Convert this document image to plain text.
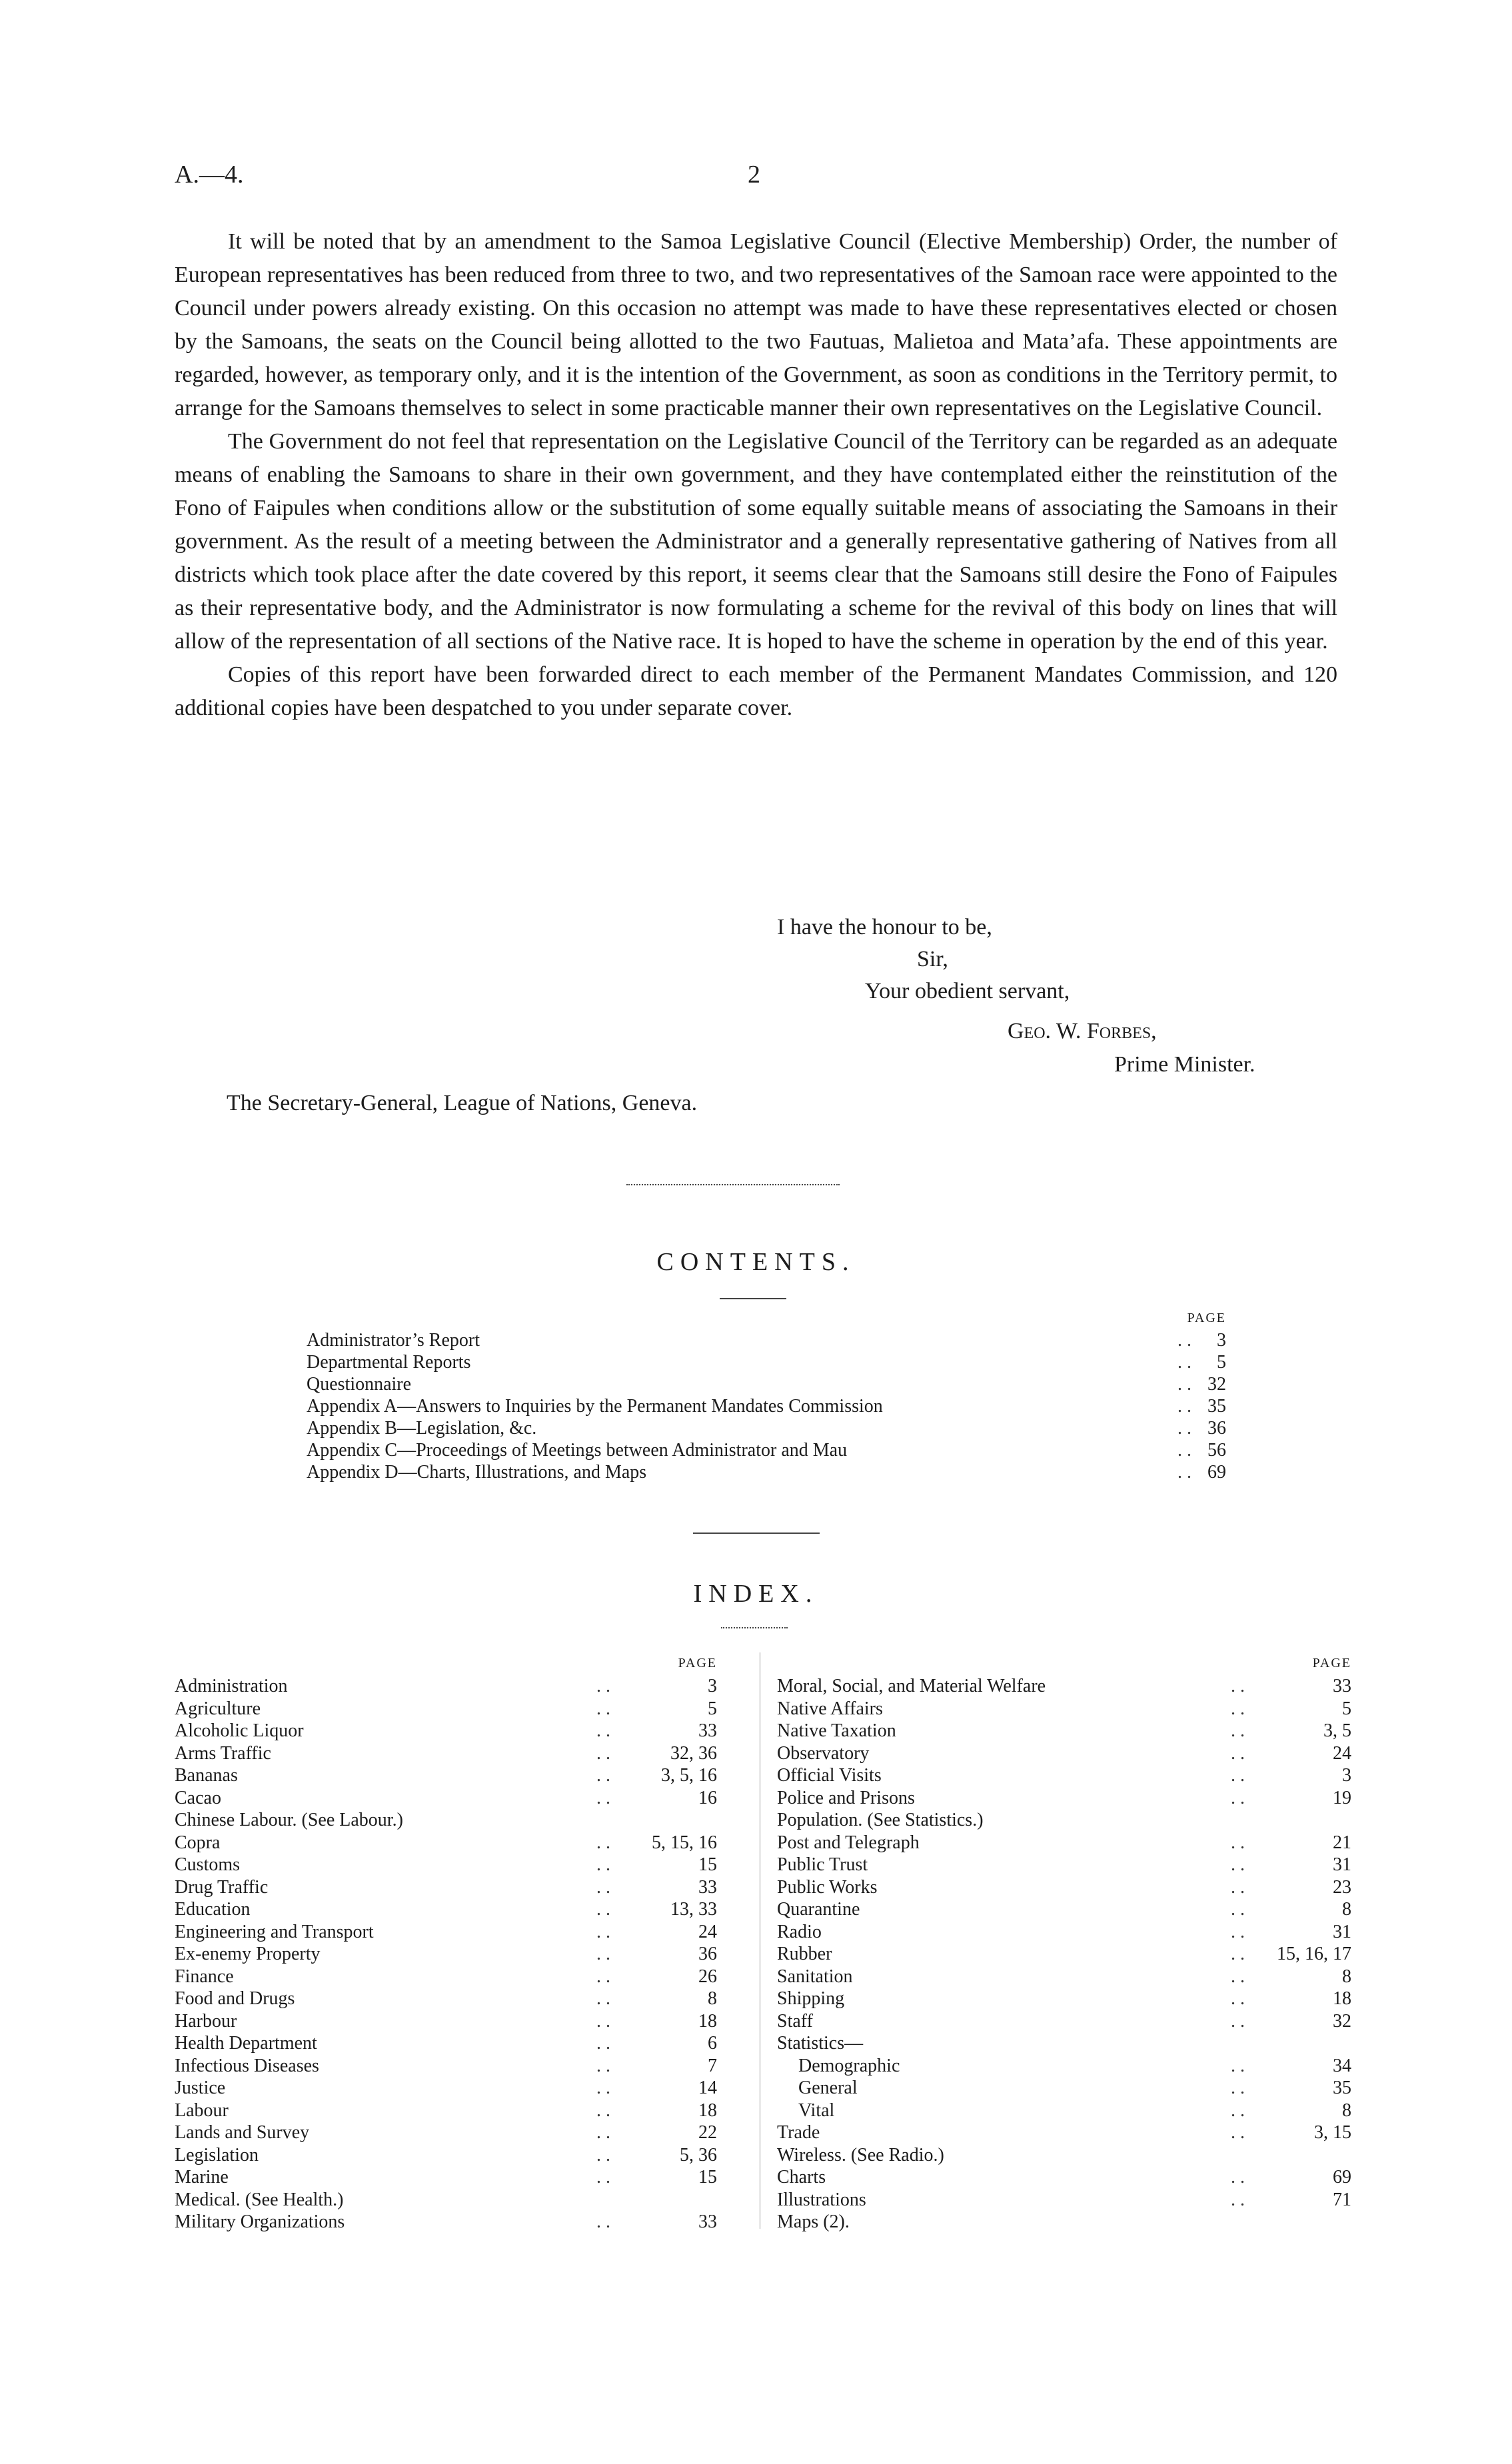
A.—4.	2

It will be noted that by an amendment to the Samoa Legislative Council (Elective Membership) Order, the number of European representatives has been reduced from three to two, and two representatives of the Samoan race were appointed to the Council under powers already existing. On this occasion no attempt was made to have these representatives elected or chosen by the Samoans, the seats on the Council being allotted to the two Fautuas, Malietoa and Mata’afa. These appointments are regarded, however, as temporary only, and it is the intention of the Government, as soon as conditions in the Territory permit, to arrange for the Samoans themselves to select in some practicable manner their own representatives on the Legislative Council.

The Government do not feel that representation on the Legislative Council of the Territory can be regarded as an adequate means of enabling the Samoans to share in their own government, and they have contemplated either the reinstitution of the Fono of Faipules when conditions allow or the substitution of some equally suitable means of associating the Samoans in their government. As the result of a meeting between the Administrator and a generally representative gathering of Natives from all districts which took place after the date covered by this report, it seems clear that the Samoans still desire the Fono of Faipules as their representative body, and the Administrator is now formulating a scheme for the revival of this body on lines that will allow of the representation of all sections of the Native race. It is hoped to have the scheme in operation by the end of this year.

Copies of this report have been forwarded direct to each member of the Permanent Mandates Commission, and 120 additional copies have been despatched to you under separate cover.

I have the honour to be,
Sir,
Your obedient servant,
Geo. W. Forbes,
Prime Minister.
The Secretary-General, League of Nations, Geneva.
CONTENTS.
PAGE
Administrator’s Report	. . 3
Departmental Reports	. . 5
Questionnaire	. . 32
Appendix A—Answers to Inquiries by the Permanent Mandates Commission	. . 35
Appendix B—Legislation, &c.	. . 36
Appendix C—Proceedings of Meetings between Administrator and Mau	. . 56
Appendix D—Charts, Illustrations, and Maps	. . 69
INDEX.
PAGE
Administration	. .	3
Agriculture	. .	5
Alcoholic Liquor	. .	33
Arms Traffic	. .	32, 36
Bananas	. .	3, 5, 16
Cacao	. .	16
Chinese Labour. (See Labour.)
Copra	. .	5, 15, 16
Customs	. .	15
Drug Traffic	. .	33
Education	. .	13, 33
Engineering and Transport	. .	24
Ex-enemy Property	. .	36
Finance	. .	26
Food and Drugs	. .	8
Harbour	. .	18
Health Department	. .	6
Infectious Diseases	. .	7
Justice	. .	14
Labour	. .	18
Lands and Survey	. .	22
Legislation	. .	5, 36
Marine	. .	15
Medical. (See Health.)
Military Organizations	. .	33
PAGE
Moral, Social, and Material Welfare	. .	33
Native Affairs	. .	5
Native Taxation	. .	3, 5
Observatory	. .	24
Official Visits	. .	3
Police and Prisons	. .	19
Population. (See Statistics.)
Post and Telegraph	. .	21
Public Trust	. .	31
Public Works	. .	23
Quarantine	. .	8
Radio	. .	31
Rubber	. .	15, 16, 17
Sanitation	. .	8
Shipping	. .	18
Staff	. .	32
Statistics—
Demographic	. .	34
General	. .	35
Vital	. .	8
Trade	. .	3, 15
Wireless. (See Radio.)
Charts	. .	69
Illustrations	. .	71
Maps (2).
